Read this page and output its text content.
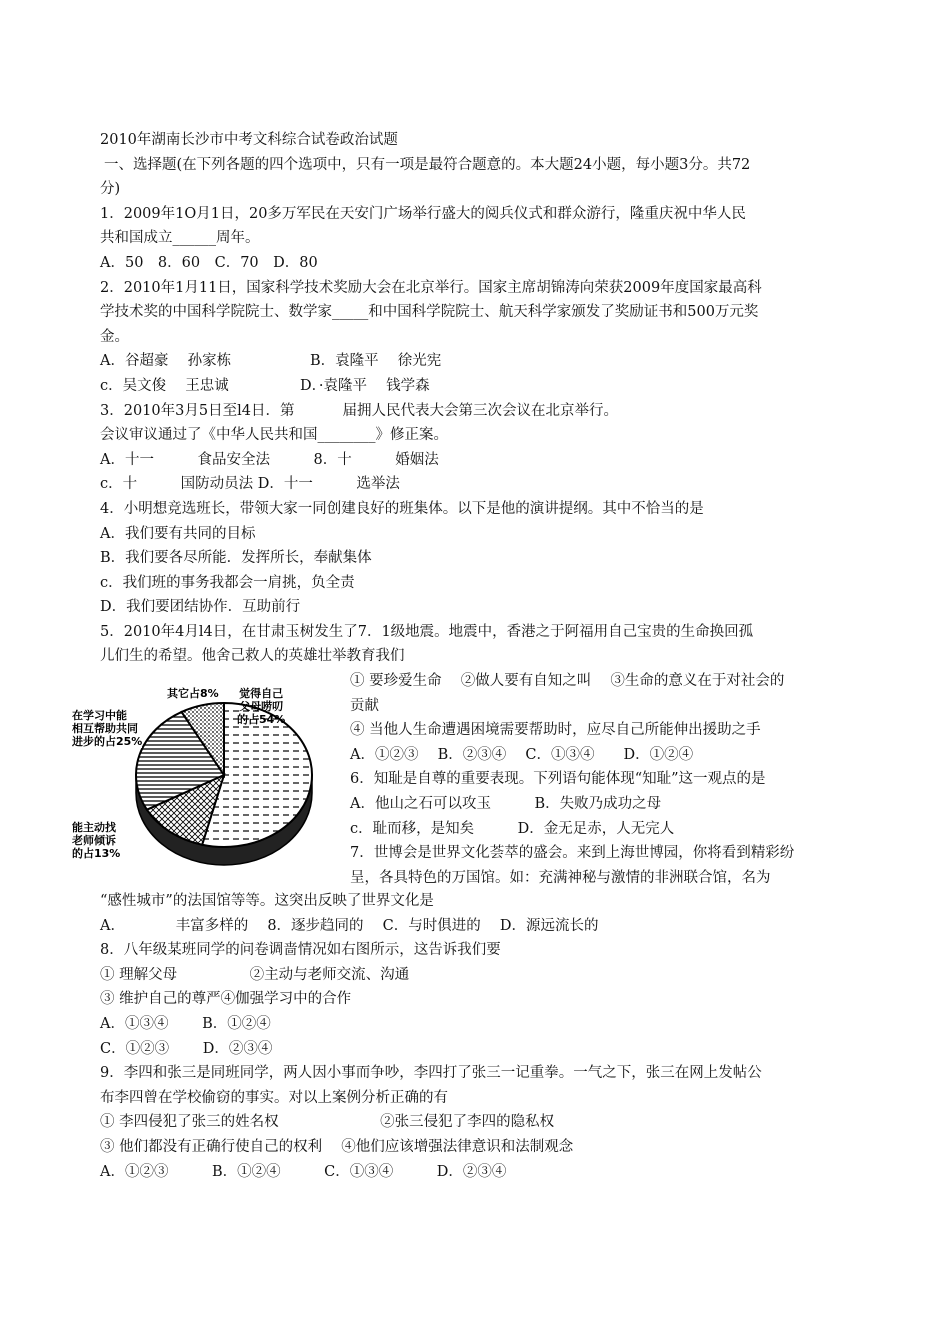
2010年湖南长沙市中考文科综合试卷政治试题
一、选择题(在下列各题的四个选项中，只有一项是最符合题意的。本大题24小题，每小题3分。共72
分)
1．2009年1O月1日，20多万军民在天安门广场举行盛大的阅兵仪式和群众游行，隆重庆祝中华人民
共和国成立______周年。
A．50　8．60　C．70　D．80
2．2010年1月11日，国家科学技术奖励大会在北京举行。国家主席胡锦涛向荣获2009年度国家最高科
学技术奖的中国科学院院士、数学家_____和中国科学院院士、航天科学家颁发了奖励证书和500万元奖
金。
A．谷超豪　 孙家栋	B．袁隆平　 徐光宪
c．吴文俊　 王忠诚	D．·袁隆平　 钱学森
3．2010年3月5日至l4日．第　　　 届拥人民代表大会第三次会议在北京举行。
会议审议通过了《中华人民共和国________》修正案。
A．十一　　　食品安全法　　　8．十　　　婚姻法
c．十　　　国防动员法 D．十一　　　选举法
4．小明想竞选班长，带领大家一同创建良好的班集体。以下是他的演讲提纲。其中不恰当的是
A．我们要有共同的目标
B．我们要各尽所能．发挥所长，奉献集体
c．我们班的事务我都会一肩挑，负全责
D．我们要团结协作．互助前行
5．2010年4月l4日，在甘肃玉树发生了7．1级地震。地震中，香港之于阿福用自己宝贵的生命换回孤
儿们生的希望。他舍己救人的英雄壮举教育我们
觉得自己
父母唠叨
的占54%
其它占8%
在学习中能
相互帮助共同
进步的占25%
能主动找
老师倾诉
的占13%
① 要珍爱生命　 ②做人要有自知之叫　 ③生命的意义在于对社会的
贡献
④ 当他人生命遭遇困境需要帮助时，应尽自己所能伸出援助之手
A．①②③　 B．②③④　 C．①③④　　D．①②④
6．知耻是自尊的重要表现。下列语句能体现“知耻”这一观点的是
A．他山之石可以攻玉　　　B．失败乃成功之母
c．耻而移，是知矣　　　D．金无足赤，人无完人
7．世博会是世界文化荟萃的盛会。来到上海世博园，你将看到精彩纷
呈，各具特色的万国馆。如：充满神秘与激情的非洲联合馆，名为
“感性城市”的法国馆等等。这突出反映了世界文化是
A．　　　　丰富多样的　 8．逐步趋同的　 C．与时俱进的　 D．源远流长的
8．八年级某班同学的问卷调啬情况如右图所示，这告诉我们要
① 理解父母　　　　　②主动与老师交流、沟通
③ 维护自己的尊严④伽强学习中的合作
A．①③④　　 B．①②④
C．①②③　　 D．②③④
9．李四和张三是同班同学，两人因小事而争吵，李四打了张三一记重拳。一气之下，张三在网上发帖公
布李四曾在学校偷窃的事实。对以上案例分析正确的有
① 李四侵犯了张三的姓名权　　　　　　　②张三侵犯了李四的隐私权
③ 他们都没有正确行使自己的权利　 ④他们应该增强法律意识和法制观念
A．①②③　　　B．①②④　　　C．①③④　　　D．②③④
